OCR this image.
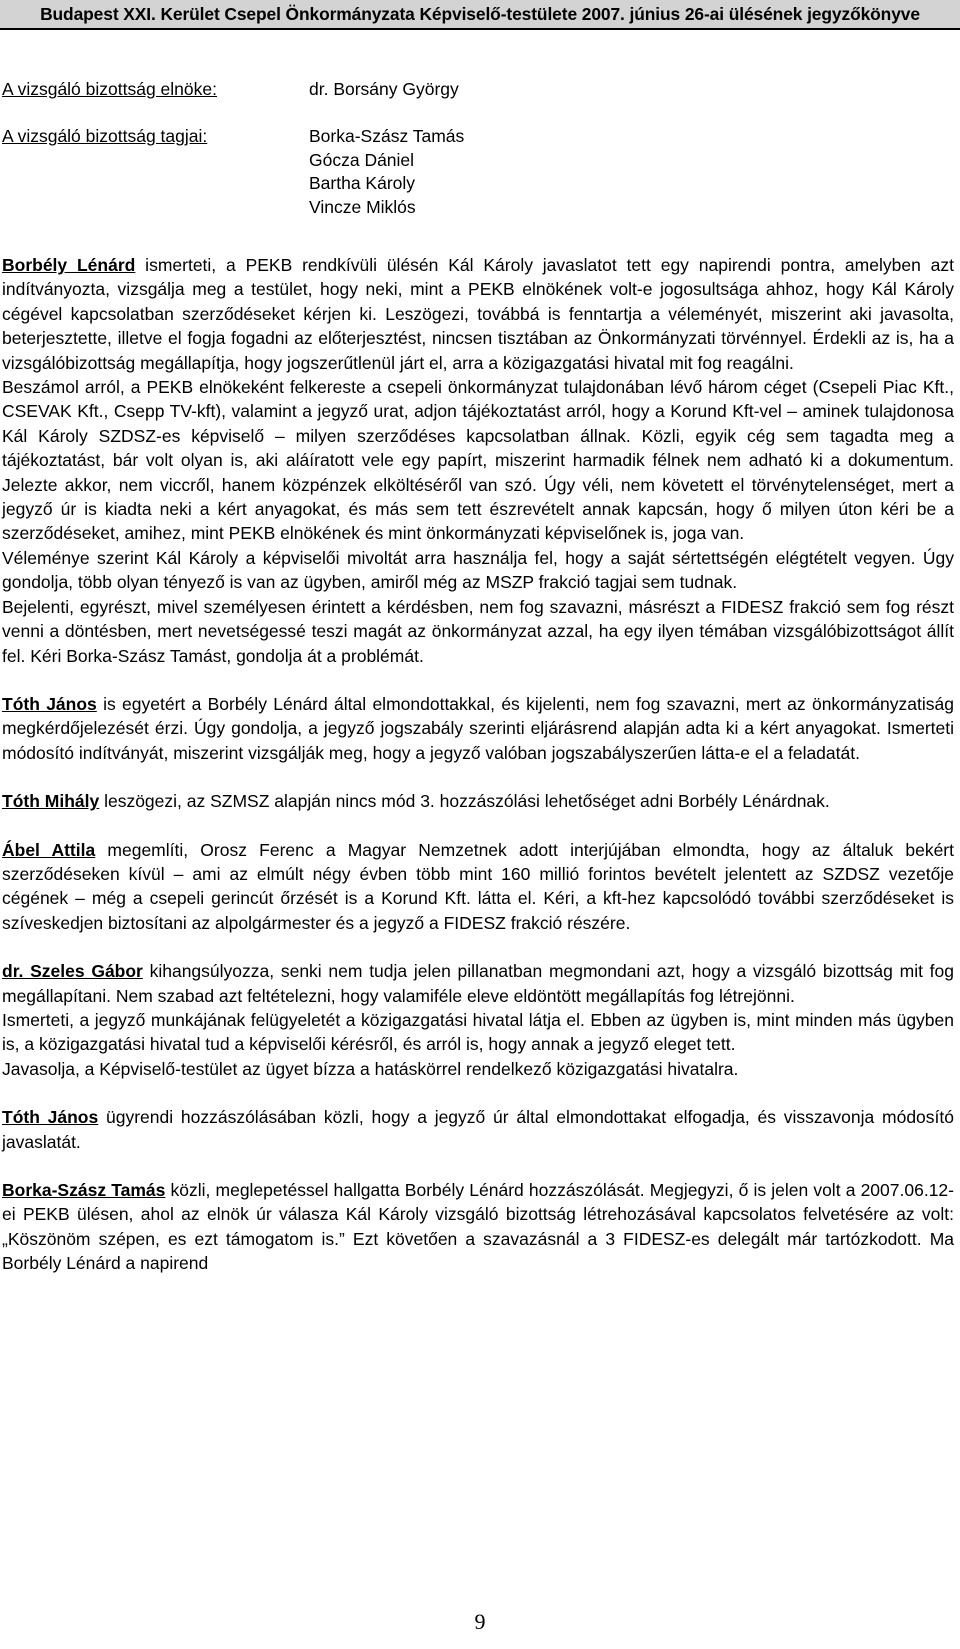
Budapest XXI. Kerület Csepel Önkormányzata Képviselő-testülete 2007. június 26-ai ülésének jegyzőkönyve
A vizsgáló bizottság elnöke:	dr. Borsány György
A vizsgáló bizottság tagjai:	Borka-Szász Tamás
Gócza Dániel
Bartha Károly
Vincze Miklós

Borbély Lénárd ismerteti, a PEKB rendkívüli ülésén Kál Károly javaslatot tett egy napirendi pontra, amelyben azt indítványozta, vizsgálja meg a testület, hogy neki, mint a PEKB elnökének volt-e jogosultsága ahhoz, hogy Kál Károly cégével kapcsolatban szerződéseket kérjen ki. Leszögezi, továbbá is fenntartja a véleményét, miszerint aki javasolta, beterjesztette, illetve el fogja fogadni az előterjesztést, nincsen tisztában az Önkormányzati törvénnyel. Érdekli az is, ha a vizsgálóbizottság megállapítja, hogy jogszerűtlenül járt el, arra a közigazgatási hivatal mit fog reagálni.

Beszámol arról, a PEKB elnökeként felkereste a csepeli önkormányzat tulajdonában lévő három céget (Csepeli Piac Kft., CSEVAK Kft., Csepp TV-kft), valamint a jegyző urat, adjon tájékoztatást arról, hogy a Korund Kft-vel – aminek tulajdonosa Kál Károly SZDSZ-es képviselő – milyen szerződéses kapcsolatban állnak. Közli, egyik cég sem tagadta meg a tájékoztatást, bár volt olyan is, aki aláíratott vele egy papírt, miszerint harmadik félnek nem adható ki a dokumentum. Jelezte akkor, nem viccről, hanem közpénzek elköltéséről van szó. Úgy véli, nem követett el törvénytelenséget, mert a jegyző úr is kiadta neki a kért anyagokat, és más sem tett észrevételt annak kapcsán, hogy ő milyen úton kéri be a szerződéseket, amihez, mint PEKB elnökének és mint önkormányzati képviselőnek is, joga van.

Véleménye szerint Kál Károly a képviselői mivoltát arra használja fel, hogy a saját sértettségén elégtételt vegyen. Úgy gondolja, több olyan tényező is van az ügyben, amiről még az MSZP frakció tagjai sem tudnak.

Bejelenti, egyrészt, mivel személyesen érintett a kérdésben, nem fog szavazni, másrészt a FIDESZ frakció sem fog részt venni a döntésben, mert nevetségessé teszi magát az önkormányzat azzal, ha egy ilyen témában vizsgálóbizottságot állít fel. Kéri Borka-Szász Tamást, gondolja át a problémát.

Tóth János is egyetért a Borbély Lénárd által elmondottakkal, és kijelenti, nem fog szavazni, mert az önkormányzatiság megkérdőjelezését érzi. Úgy gondolja, a jegyző jogszabály szerinti eljárásrend alapján adta ki a kért anyagokat. Ismerteti módosító indítványát, miszerint vizsgálják meg, hogy a jegyző valóban jogszabályszerűen látta-e el a feladatát.

Tóth Mihály leszögezi, az SZMSZ alapján nincs mód 3. hozzászólási lehetőséget adni Borbély Lénárdnak.

Ábel Attila megemlíti, Orosz Ferenc a Magyar Nemzetnek adott interjújában elmondta, hogy az általuk bekért szerződéseken kívül – ami az elmúlt négy évben több mint 160 millió forintos bevételt jelentett az SZDSZ vezetője cégének – még a csepeli gerincút őrzését is a Korund Kft. látta el. Kéri, a kft-hez kapcsolódó további szerződéseket is szíveskedjen biztosítani az alpolgármester és a jegyző a FIDESZ frakció részére.

dr. Szeles Gábor kihangsúlyozza, senki nem tudja jelen pillanatban megmondani azt, hogy a vizsgáló bizottság mit fog megállapítani. Nem szabad azt feltételezni, hogy valamiféle eleve eldöntött megállapítás fog létrejönni.

Ismerteti, a jegyző munkájának felügyeletét a közigazgatási hivatal látja el. Ebben az ügyben is, mint minden más ügyben is, a közigazgatási hivatal tud a képviselői kérésről, és arról is, hogy annak a jegyző eleget tett.

Javasolja, a Képviselő-testület az ügyet bízza a hatáskörrel rendelkező közigazgatási hivatalra.

Tóth János ügyrendi hozzászólásában közli, hogy a jegyző úr által elmondottakat elfogadja, és visszavonja módosító javaslatát.

Borka-Szász Tamás közli, meglepetéssel hallgatta Borbély Lénárd hozzászólását. Megjegyzi, ő is jelen volt a 2007.06.12-ei PEKB ülésen, ahol az elnök úr válasza Kál Károly vizsgáló bizottság létrehozásával kapcsolatos felvetésére az volt: „Köszönöm szépen, es ezt támogatom is.” Ezt követően a szavazásnál a 3 FIDESZ-es delegált már tartózkodott. Ma Borbély Lénárd a napirend

9
